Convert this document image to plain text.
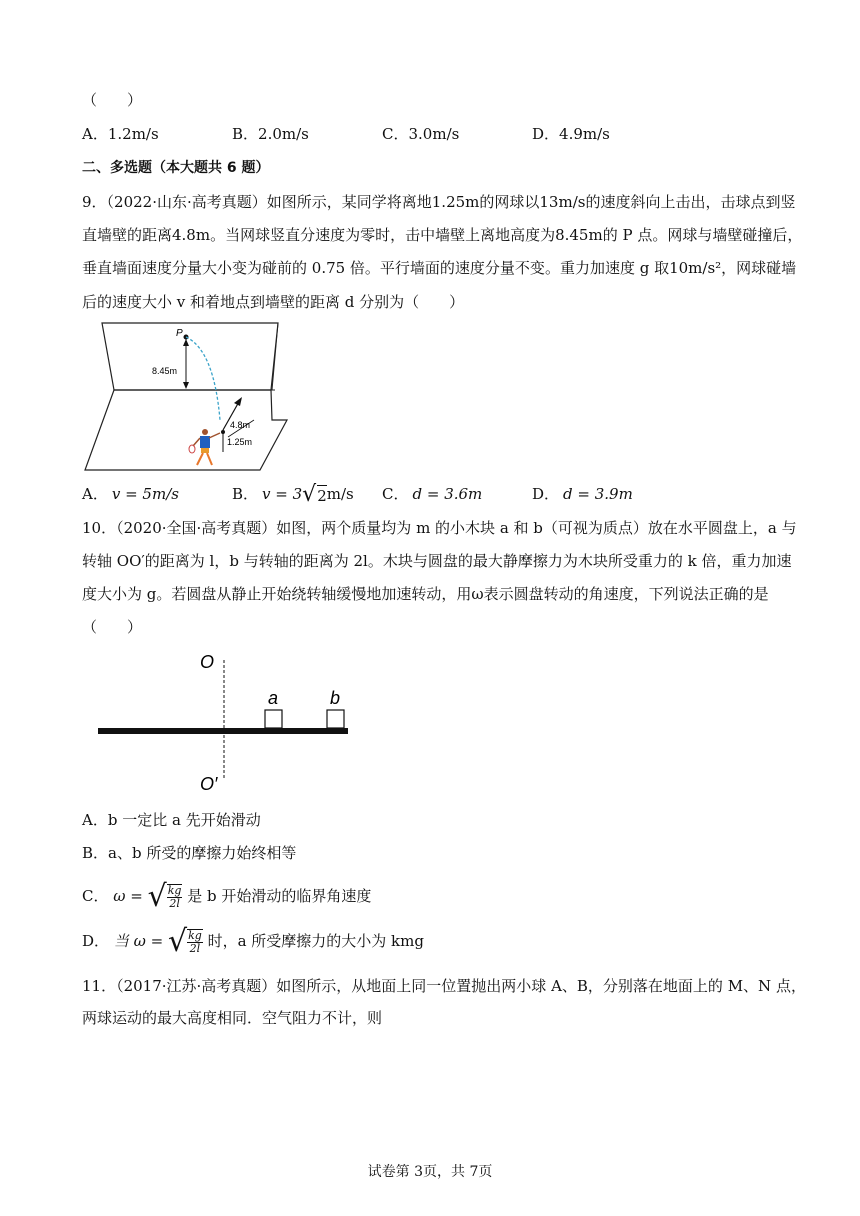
（　　）
A．1.2m/s	B．2.0m/s	C．3.0m/s	D．4.9m/s
二、多选题（本大题共 6 题）
9．（2022·山东·高考真题）如图所示，某同学将离地1.25m的网球以13m/s的速度斜向上击出，击球点到竖
直墙壁的距离4.8m。当网球竖直分速度为零时，击中墙壁上离地高度为8.45m的 P 点。网球与墙壁碰撞后，
垂直墙面速度分量大小变为碰前的 0.75 倍。平行墙面的速度分量不变。重力加速度 g 取10m/s²，网球碰墙
后的速度大小 v 和着地点到墙壁的距离 d 分别为（　　）
P
8.45m
4.8m
1.25m
A． v = 5m/s	B． v = 3√2m/s C． d = 3.6m	D． d = 3.9m
10．（2020·全国·高考真题）如图，两个质量均为 m 的小木块 a 和 b（可视为质点）放在水平圆盘上，a 与
转轴 OO′的距离为 l，b 与转轴的距离为 2l。木块与圆盘的最大静摩擦力为木块所受重力的 k 倍，重力加速
度大小为 g。若圆盘从静止开始绕转轴缓慢地加速转动，用ω表示圆盘转动的角速度，下列说法正确的是
（　　）
O
a	b
O′
A．b 一定比 a 先开始滑动
B．a、b 所受的摩擦力始终相等
C． ω = √ $\frac{kg}{2l}$ 是 b 开始滑动的临界角速度
D． 当 ω = √ $\frac{kg}{2l}$ 时，a 所受摩擦力的大小为 kmg
11．（2017·江苏·高考真题）如图所示，从地面上同一位置抛出两小球 A、B，分别落在地面上的 M、N 点，
两球运动的最大高度相同．空气阻力不计，则
试卷第 3页，共 7页
